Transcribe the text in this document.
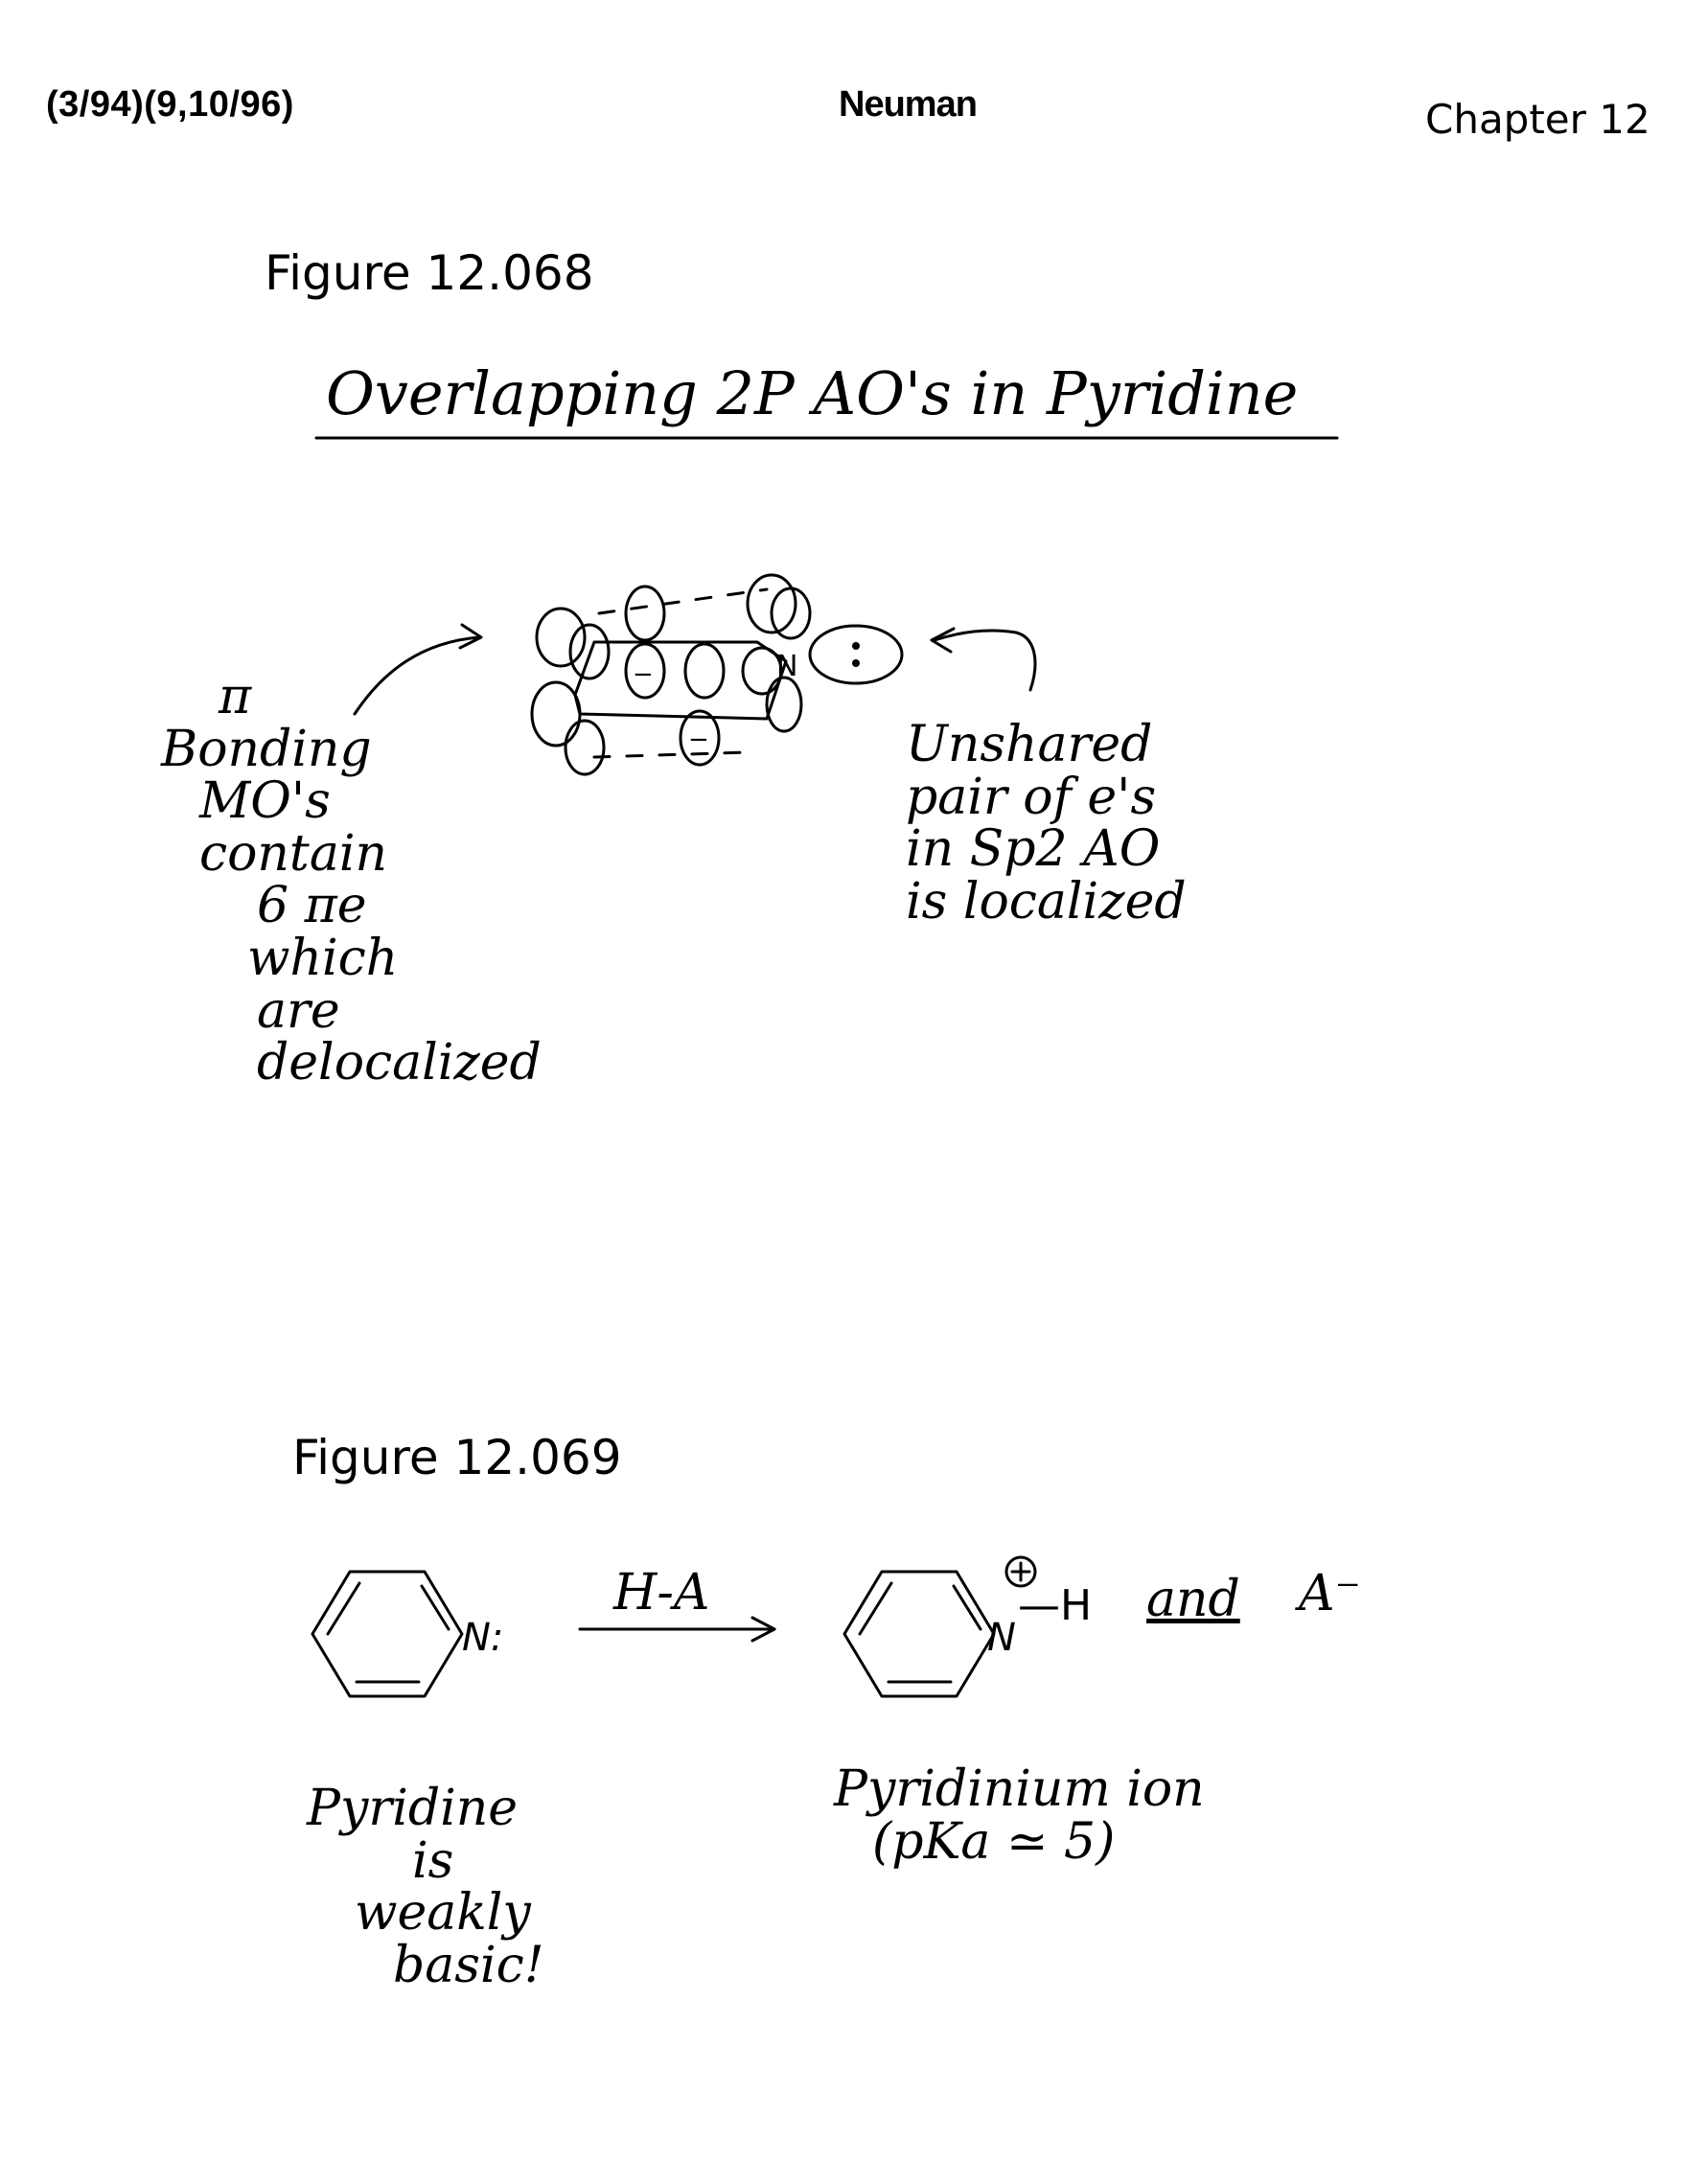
(3/94)(9,10/96)	Neuman	Chapter 12
Figure 12.068
Overlapping 2P AO's in Pyridine
π
Bonding
MO's
contain
6 πe
which
are
delocalized
Unshared
pair of e's
in Sp2 AO
is localized
Figure 12.069
H-A	—H and A⁻
Pyridine
is
weakly
basic!
Pyridinium ion
(pKa ≃ 5)
N
−
−
N:	N
